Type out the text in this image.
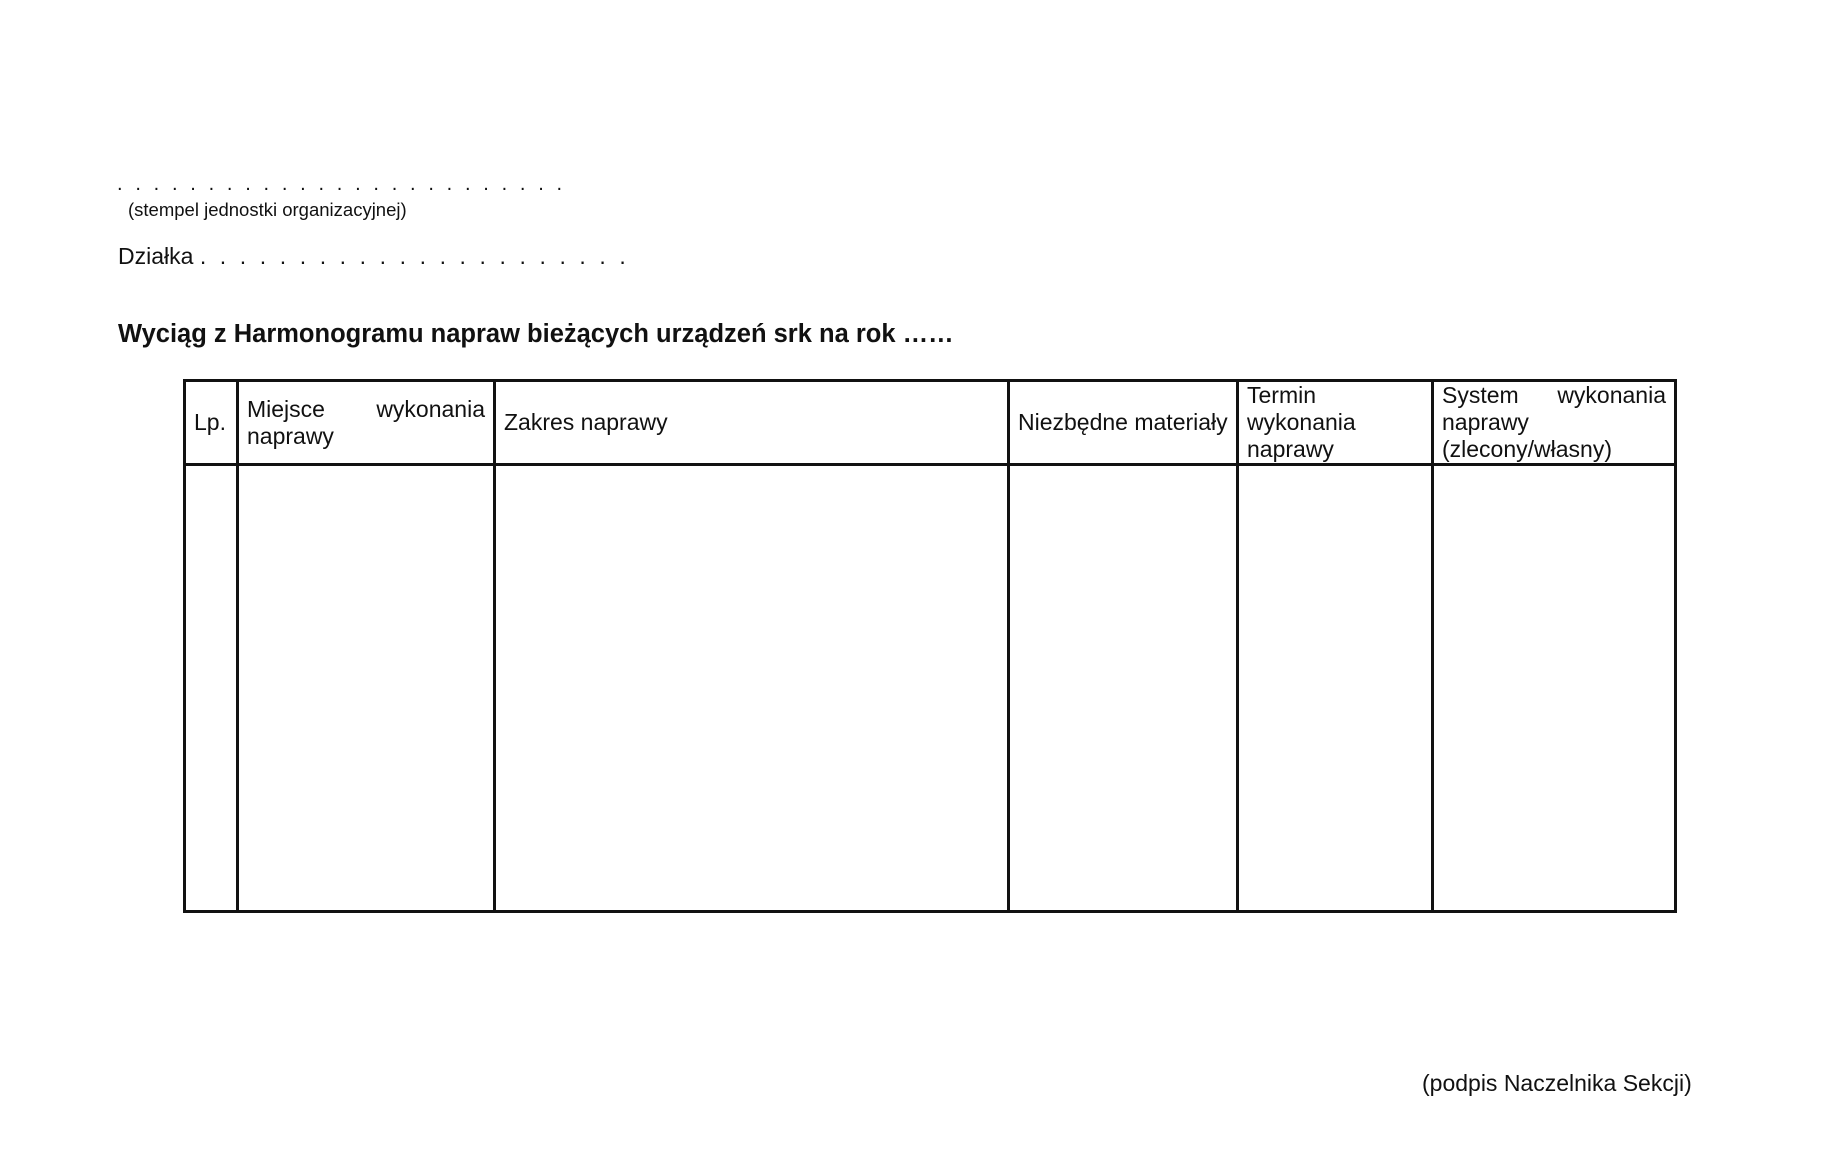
. . . . . . . . . . . . . . . . . . . . . . . . .
(stempel jednostki organizacyjnej)
Działka . . . . . . . . . . . . . . . . . . . . . .
Wyciąg z Harmonogramu napraw bieżących urządzeń srk na rok ……
Lp.	Miejsce wykonania naprawy	Zakres naprawy	Niezbędne materiały	Termin wykonania naprawy	System wykonania naprawy (zlecony/własny)

(podpis Naczelnika Sekcji)
